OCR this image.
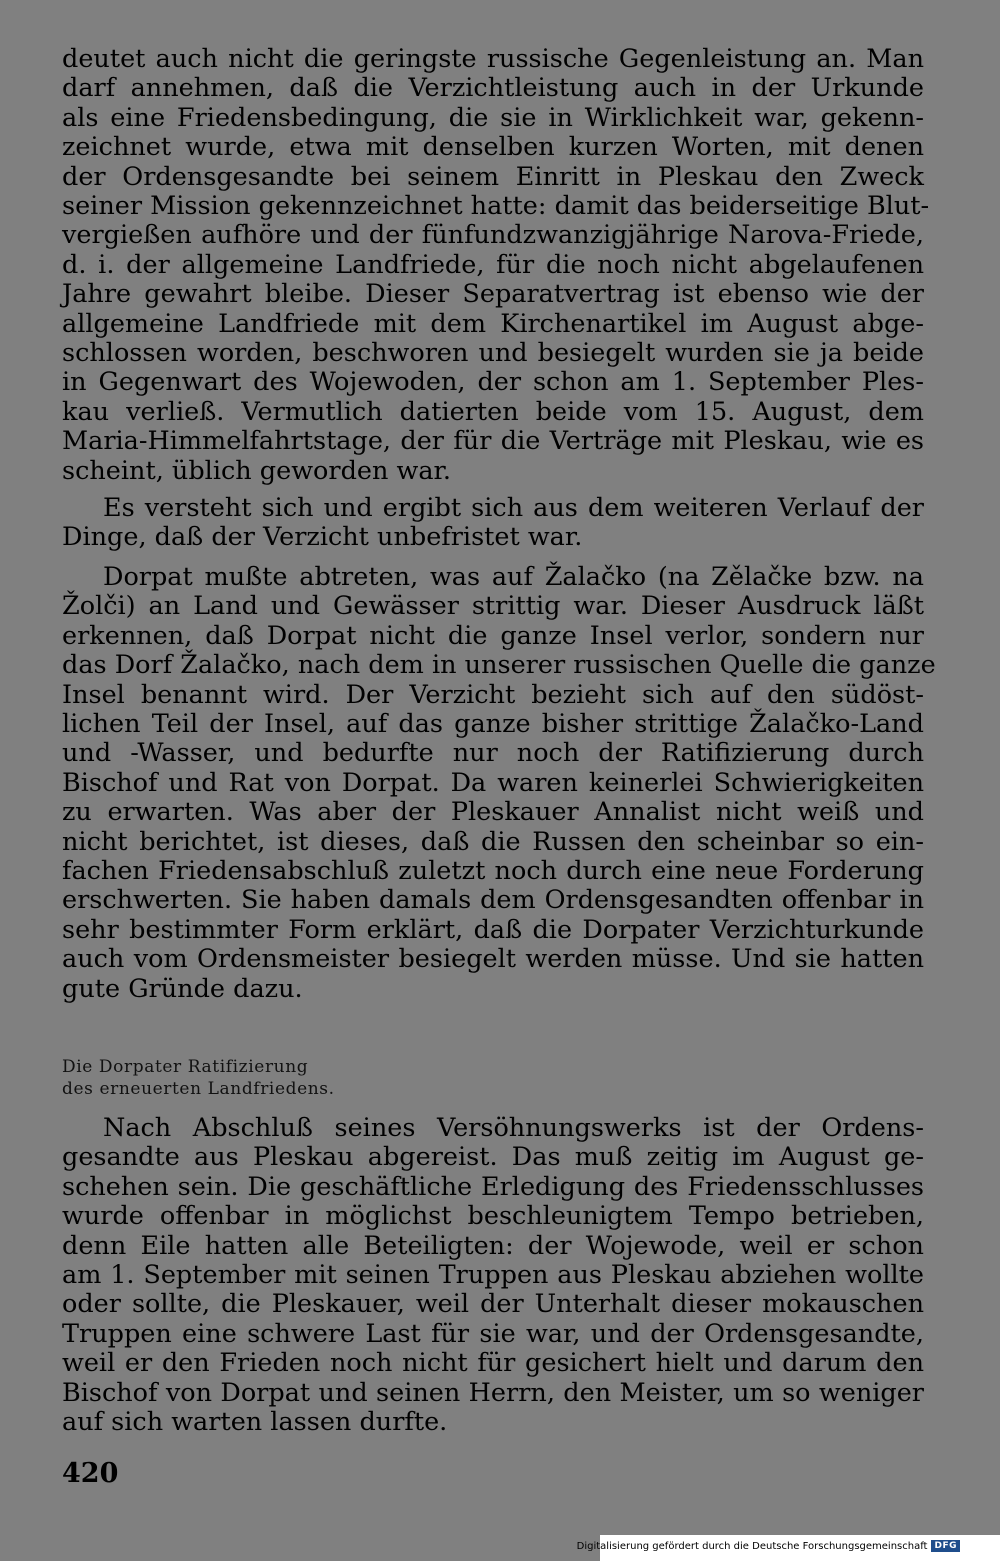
deutet auch nicht die geringste russische Gegenleistung an. Man
darf annehmen, daß die Verzichtleistung auch in der Urkunde
als eine Friedensbedingung, die sie in Wirklichkeit war, gekenn-
zeichnet wurde, etwa mit denselben kurzen Worten, mit denen
der Ordensgesandte bei seinem Einritt in Pleskau den Zweck
seiner Mission gekennzeichnet hatte: damit das beiderseitige Blut-
vergießen aufhöre und der fünfundzwanzigjährige Narova-Friede,
d. i. der allgemeine Landfriede, für die noch nicht abgelaufenen
Jahre gewahrt bleibe. Dieser Separatvertrag ist ebenso wie der
allgemeine Landfriede mit dem Kirchenartikel im August abge-
schlossen worden, beschworen und besiegelt wurden sie ja beide
in Gegenwart des Wojewoden, der schon am 1. September Ples-
kau verließ. Vermutlich datierten beide vom 15. August, dem
Maria-Himmelfahrtstage, der für die Verträge mit Pleskau, wie es
scheint, üblich geworden war.
Es versteht sich und ergibt sich aus dem weiteren Verlauf der
Dinge, daß der Verzicht unbefristet war.
Dorpat mußte abtreten, was auf Žalačko (na Zělačke bzw. na
Žolči) an Land und Gewässer strittig war. Dieser Ausdruck läßt
erkennen, daß Dorpat nicht die ganze Insel verlor, sondern nur
das Dorf Žalačko, nach dem in unserer russischen Quelle die ganze
Insel benannt wird. Der Verzicht bezieht sich auf den südöst-
lichen Teil der Insel, auf das ganze bisher strittige Žalačko-Land
und -Wasser, und bedurfte nur noch der Ratifizierung durch
Bischof und Rat von Dorpat. Da waren keinerlei Schwierigkeiten
zu erwarten. Was aber der Pleskauer Annalist nicht weiß und
nicht berichtet, ist dieses, daß die Russen den scheinbar so ein-
fachen Friedensabschluß zuletzt noch durch eine neue Forderung
erschwerten. Sie haben damals dem Ordensgesandten offenbar in
sehr bestimmter Form erklärt, daß die Dorpater Verzichturkunde
auch vom Ordensmeister besiegelt werden müsse. Und sie hatten
gute Gründe dazu.
Nach Abschluß seines Versöhnungswerks ist der Ordens-
gesandte aus Pleskau abgereist. Das muß zeitig im August ge-
schehen sein. Die geschäftliche Erledigung des Friedensschlusses
wurde offenbar in möglichst beschleunigtem Tempo betrieben,
denn Eile hatten alle Beteiligten: der Wojewode, weil er schon
am 1. September mit seinen Truppen aus Pleskau abziehen wollte
oder sollte, die Pleskauer, weil der Unterhalt dieser mokauschen
Truppen eine schwere Last für sie war, und der Ordensgesandte,
weil er den Frieden noch nicht für gesichert hielt und darum den
Bischof von Dorpat und seinen Herrn, den Meister, um so weniger
auf sich warten lassen durfte.
Die Dorpater Ratifizierung
des erneuerten Landfriedens.
420
Digitalisierung gefördert durch die Deutsche Forschungsgemeinschaft DFG
